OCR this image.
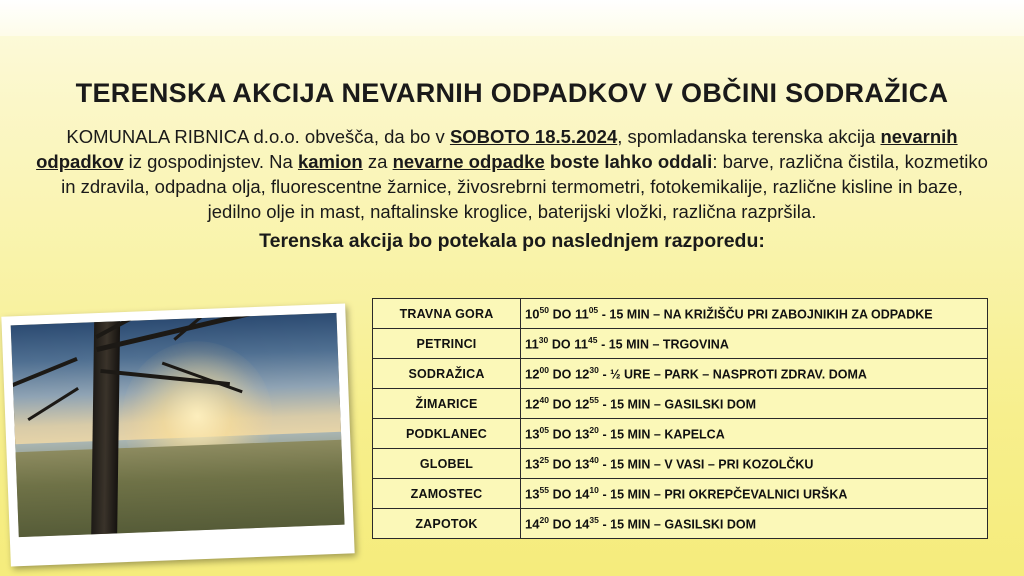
TERENSKA AKCIJA NEVARNIH ODPADKOV V OBČINI SODRAŽICA
KOMUNALA RIBNICA d.o.o. obvešča, da bo v SOBOTO 18.5.2024, spomladanska terenska akcija nevarnih odpadkov iz gospodinjstev. Na kamion za nevarne odpadke boste lahko oddali: barve, različna čistila, kozmetiko in zdravila, odpadna olja, fluorescentne žarnice, živosrebrni termometri, fotokemikalije, različne kisline in baze, jedilno olje in mast, naftalinske kroglice, baterijski vložki, različna razpršila.
Terenska akcija bo potekala po naslednjem razporedu:
TRAVNA GORA	$10^{50}$ DO $11^{05} - 15$ MIN – NA KRIŽIŠČU PRI ZABOJNIKIH ZA ODPADKE
PETRINCI	$11^{30}$ DO $11^{45} - 15$ MIN – TRGOVINA
SODRAŽICA	$12^{00}$ DO $12^{30}$ - ½ URE – PARK – NASPROTI ZDRAV. DOMA
ŽIMARICE	$12^{40}$ DO $12^{55} - 15$ MIN – GASILSKI DOM
PODKLANEC	$13^{05}$ DO $13^{20} - 15$ MIN – KAPELCA
GLOBEL	$13^{25}$ DO $13^{40} - 15$ MIN – V VASI – PRI KOZOLČKU
ZAMOSTEC	$13^{55}$ DO $14^{10} - 15$ MIN – PRI OKREPČEVALNICI URŠKA
ZAPOTOK	$14^{20}$ DO $14^{35} - 15$ MIN – GASILSKI DOM
